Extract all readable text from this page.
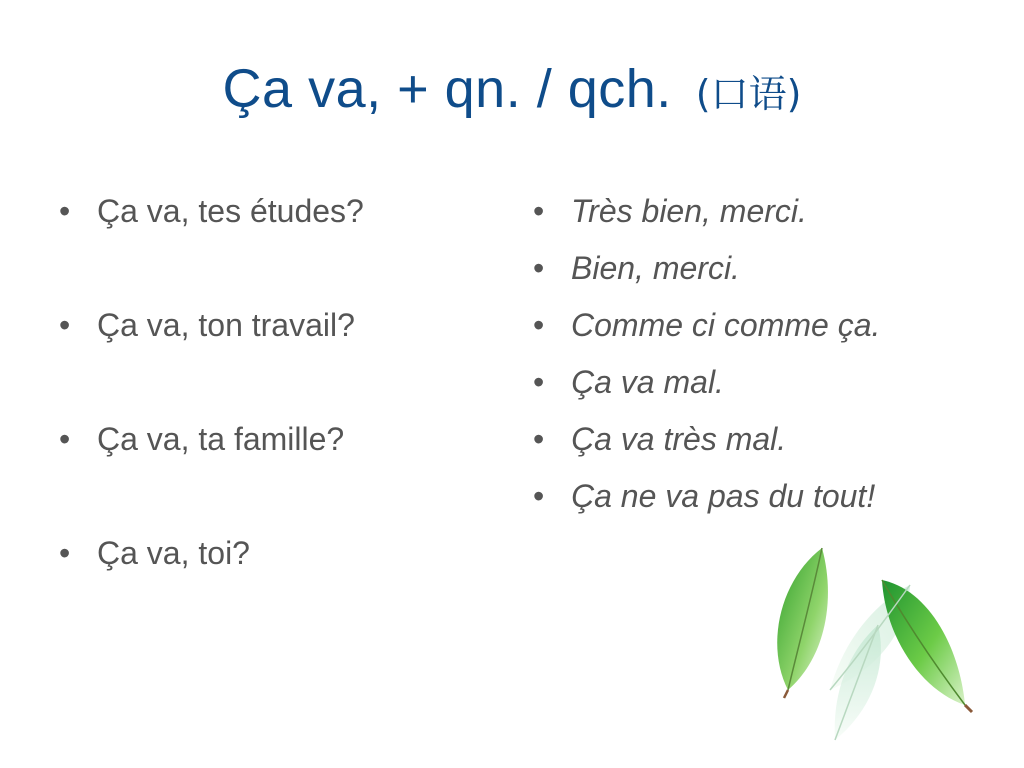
Ça va, + qn. / qch. (口语)
• Ça va, tes études?
• Ça va, ton travail?
• Ça va, ta famille?
• Ça va, toi?
• Très bien, merci.
• Bien, merci.
• Comme ci comme ça.
• Ça va mal.
• Ça va très mal.
• Ça ne va pas du tout!
